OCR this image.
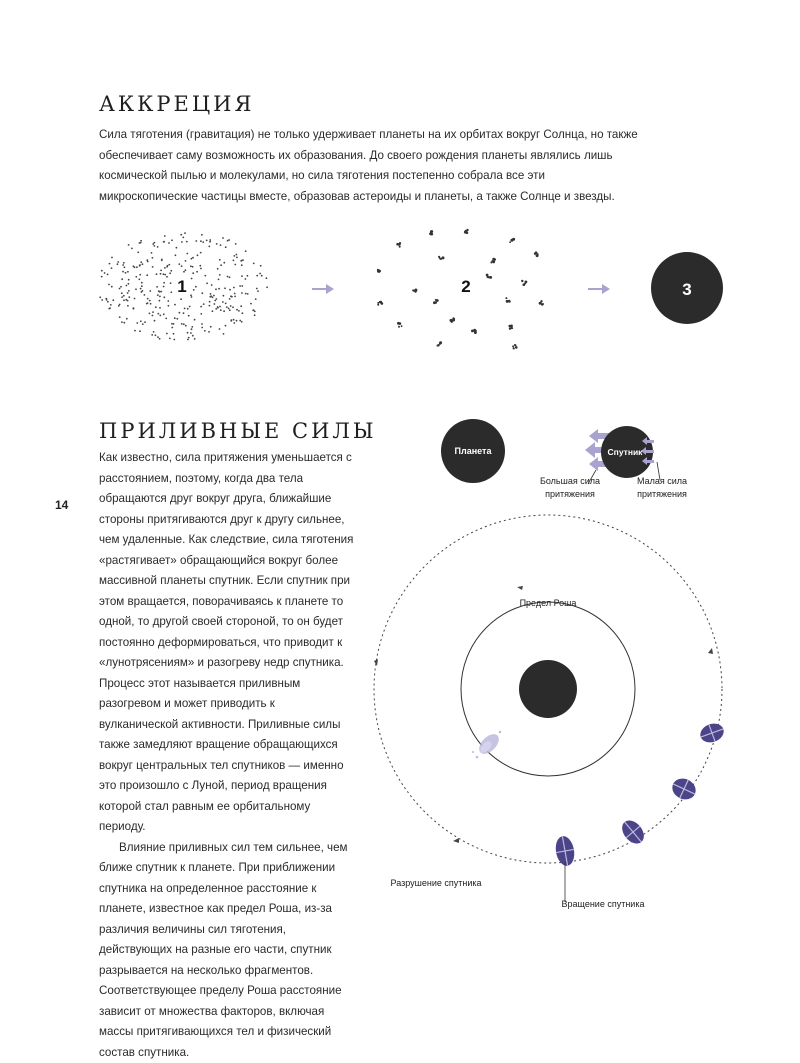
АККРЕЦИЯ

Сила тяготения (гравитация) не только удерживает планеты на их орбитах вокруг Солнца, но также обеспечивает саму возможность их образования. До своего рождения планеты являлись лишь космической пылью и молекулами, но сила тяготения постепенно собрала все эти микроскопические частицы вместе, образовав астероиды и планеты, а также Солнце и звезды.

ПРИЛИВНЫЕ СИЛЫ
Как известно, сила притяжения уменьшается с расстоянием, поэтому, когда два тела обращаются друг вокруг друга, ближайшие стороны притягиваются друг к другу сильнее, чем удаленные. Как следствие, сила тяготения «растягивает» обращающийся вокруг более массивной планеты спутник. Если спутник при этом вращается, поворачиваясь к планете то одной, то другой своей стороной, то он будет постоянно деформироваться, что приводит к «лунотрясениям» и разогреву недр спутника. Процесс этот называется приливным разогревом и может приводить к вулканической активности. Приливные силы также замедляют вращение обращающихся вокруг центральных тел спутников — именно это произошло с Луной, период вращения которой стал равным ее орбитальному периоду.
Влияние приливных сил тем сильнее, чем ближе спутник к планете. При приближении спутника на определенное расстояние к планете, известное как предел Роша, из-за различия величины сил тяготения, действующих на разные его части, спутник разрывается на несколько фрагментов. Соответствующее пределу Роша расстояние зависит от множества факторов, включая массы притягивающихся тел и физический состав спутника.
14
1	2	3
Планета	Спутник
Большая сила
притяжения
Малая сила
притяжения
Предел Роша
Разрушение спутника
Вращение спутника
